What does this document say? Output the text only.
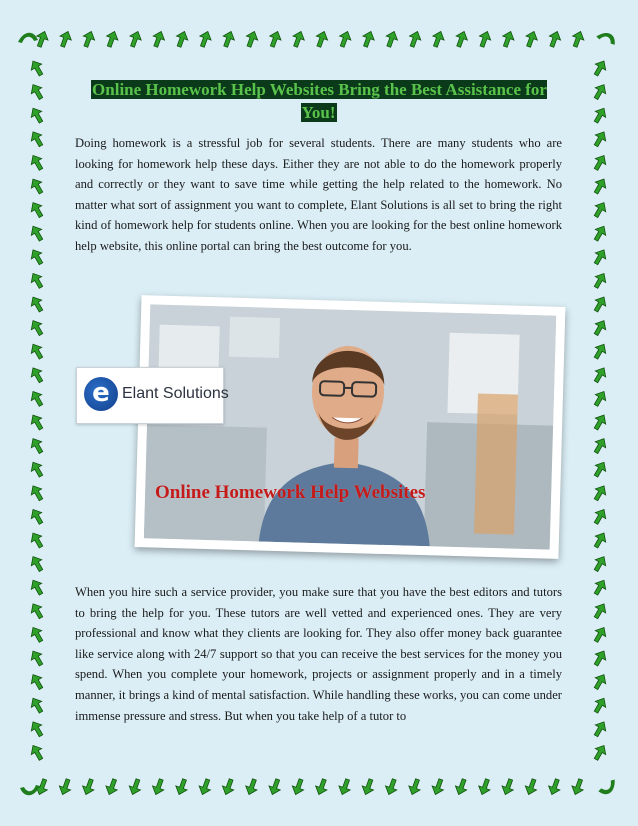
Online Homework Help Websites Bring the Best Assistance for You!

Doing homework is a stressful job for several students. There are many students who are looking for homework help these days. Either they are not able to do the homework properly and correctly or they want to save time while getting the help related to the homework. No matter what sort of assignment you want to complete, Elant Solutions is all set to bring the right kind of homework help for students online. When you are looking for the best online homework help website, this online portal can bring the best outcome for you.

Online Homework Help Websites
e Elant Solutions

When you hire such a service provider, you make sure that you have the best editors and tutors to bring the help for you. These tutors are well vetted and experienced ones. They are very professional and know what they clients are looking for. They also offer money back guarantee like service along with 24/7 support so that you can receive the best services for the money you spend. When you complete your homework, projects or assignment properly and in a timely manner, it brings a kind of mental satisfaction. While handling these works, you can come under immense pressure and stress. But when you take help of a tutor to
